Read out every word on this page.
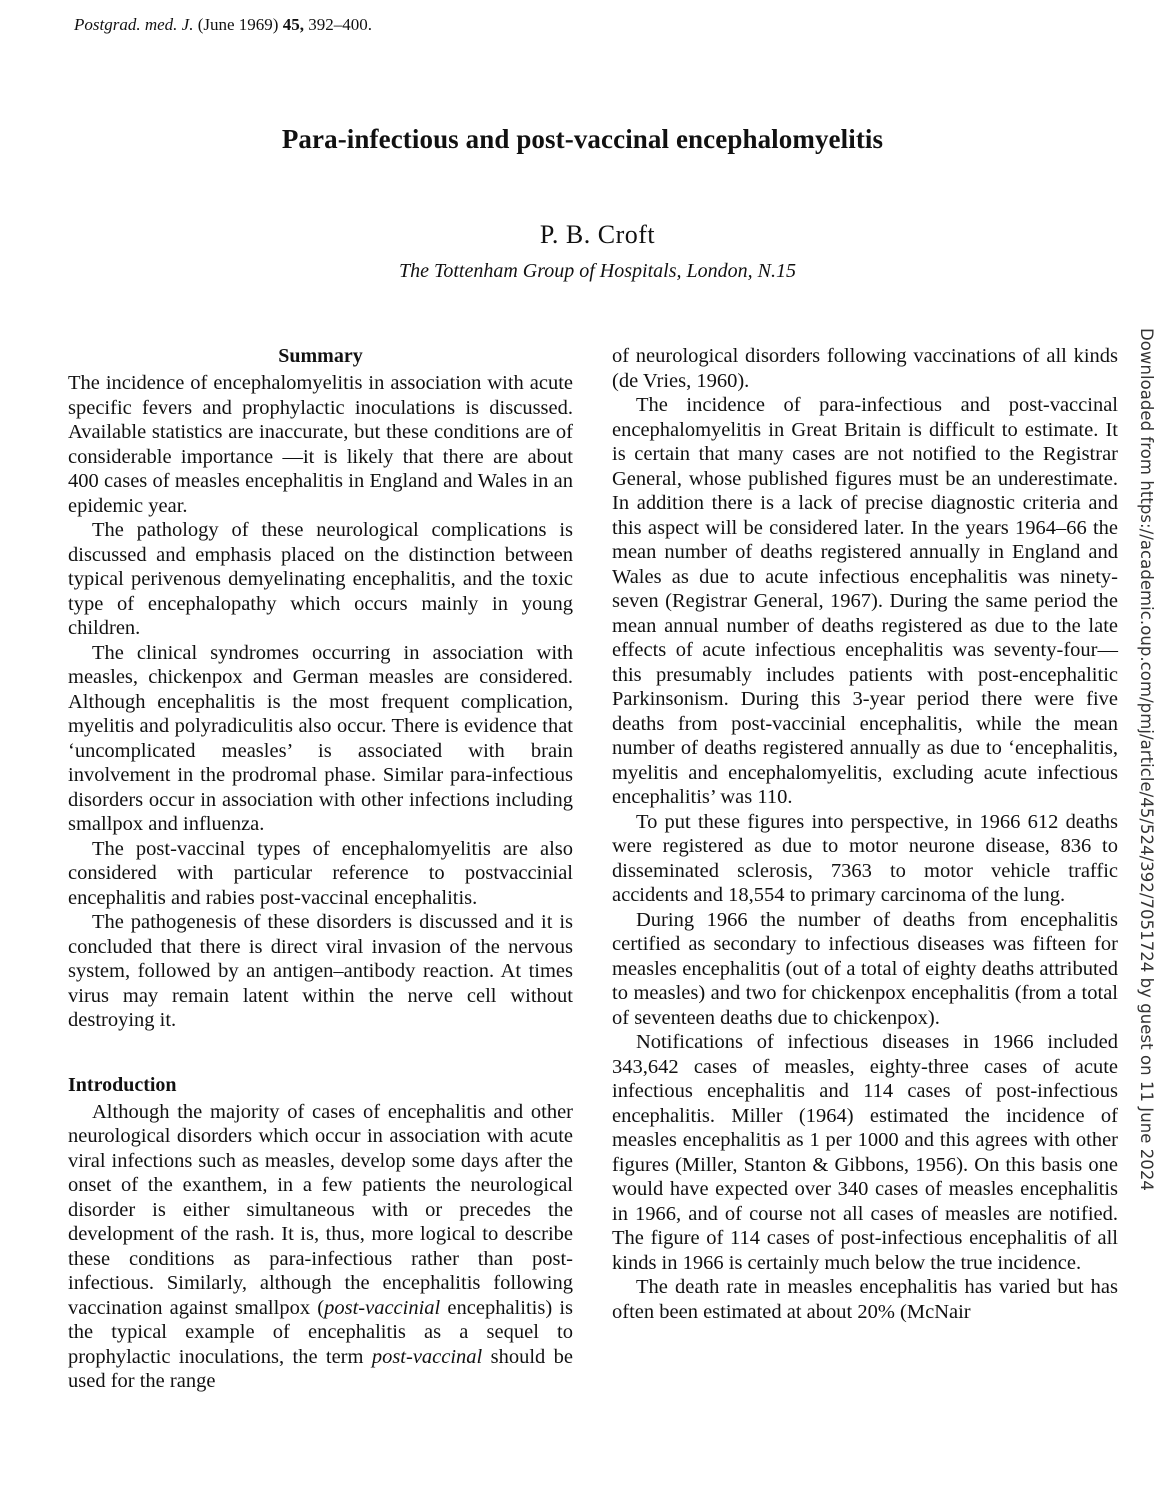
Postgrad. med. J. (June 1969) 45, 392–400.
Para-infectious and post-vaccinal encephalomyelitis
P. B. Croft
The Tottenham Group of Hospitals, London, N.15
Summary

The incidence of encephalomyelitis in association with acute specific fevers and prophylactic inoculations is discussed. Available statistics are inaccurate, but these conditions are of considerable importance —it is likely that there are about 400 cases of measles encephalitis in England and Wales in an epidemic year.

The pathology of these neurological complications is discussed and emphasis placed on the distinction between typical perivenous demyelinating encephalitis, and the toxic type of encephalopathy which occurs mainly in young children.

The clinical syndromes occurring in association with measles, chickenpox and German measles are considered. Although encephalitis is the most frequent complication, myelitis and polyradiculitis also occur. There is evidence that ‘uncomplicated measles’ is associated with brain involvement in the prodromal phase. Similar para-infectious disorders occur in association with other infections including smallpox and influenza.

The post-vaccinal types of encephalomyelitis are also considered with particular reference to postvaccinial encephalitis and rabies post-vaccinal encephalitis.

The pathogenesis of these disorders is discussed and it is concluded that there is direct viral invasion of the nervous system, followed by an antigen–antibody reaction. At times virus may remain latent within the nerve cell without destroying it.

Introduction

Although the majority of cases of encephalitis and other neurological disorders which occur in association with acute viral infections such as measles, develop some days after the onset of the exanthem, in a few patients the neurological disorder is either simultaneous with or precedes the development of the rash. It is, thus, more logical to describe these conditions as para-infectious rather than post-infectious. Similarly, although the encephalitis following vaccination against smallpox (post-vaccinial encephalitis) is the typical example of encephalitis as a sequel to prophylactic inoculations, the term post-vaccinal should be used for the range

of neurological disorders following vaccinations of all kinds (de Vries, 1960).

The incidence of para-infectious and post-vaccinal encephalomyelitis in Great Britain is difficult to estimate. It is certain that many cases are not notified to the Registrar General, whose published figures must be an underestimate. In addition there is a lack of precise diagnostic criteria and this aspect will be considered later. In the years 1964–66 the mean number of deaths registered annually in England and Wales as due to acute infectious encephalitis was ninety-seven (Registrar General, 1967). During the same period the mean annual number of deaths registered as due to the late effects of acute infectious encephalitis was seventy-four—this presumably includes patients with post-encephalitic Parkinsonism. During this 3-year period there were five deaths from post-vaccinial encephalitis, while the mean number of deaths registered annually as due to ‘encephalitis, myelitis and encephalomyelitis, excluding acute infectious encephalitis’ was 110.

To put these figures into perspective, in 1966 612 deaths were registered as due to motor neurone disease, 836 to disseminated sclerosis, 7363 to motor vehicle traffic accidents and 18,554 to primary carcinoma of the lung.

During 1966 the number of deaths from encephalitis certified as secondary to infectious diseases was fifteen for measles encephalitis (out of a total of eighty deaths attributed to measles) and two for chickenpox encephalitis (from a total of seventeen deaths due to chickenpox).

Notifications of infectious diseases in 1966 included 343,642 cases of measles, eighty-three cases of acute infectious encephalitis and 114 cases of post-infectious encephalitis. Miller (1964) estimated the incidence of measles encephalitis as 1 per 1000 and this agrees with other figures (Miller, Stanton & Gibbons, 1956). On this basis one would have expected over 340 cases of measles encephalitis in 1966, and of course not all cases of measles are notified. The figure of 114 cases of post-infectious encephalitis of all kinds in 1966 is certainly much below the true incidence.

The death rate in measles encephalitis has varied but has often been estimated at about 20% (McNair

Downloaded from https://academic.oup.com/pmj/article/45/524/392/7051724 by guest on 11 June 2024
